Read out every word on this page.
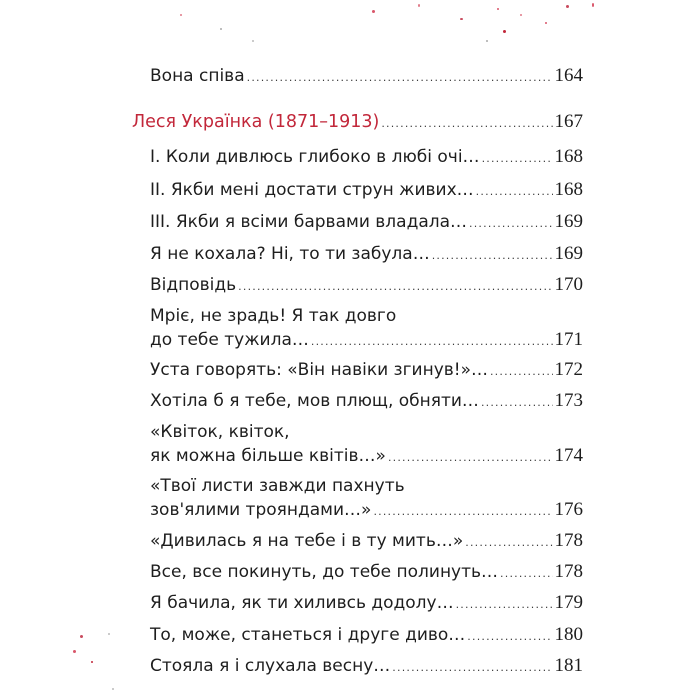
Вона співа .....	164
Леся Українка (1871–1913) .....	167
I. Коли дивлюсь глибоко в любі очі… .....	168
II. Якби мені достати струн живих… .....	168
III. Якби я всіми барвами владала… .....	169
Я не кохала? Ні, то ти забула… .....	169
Відповідь .....	170
Мріє, не зрадь! Я так довго
до тебе тужила… .....	171
Уста говорять: «Він навіки згинув!»… .....	172
Хотіла б я тебе, мов плющ, обняти… .....	173
«Квіток, квіток,
як можна більше квітів…» .....	174
«Твої листи завжди пахнуть
зов'ялими трояндами…» .....	176
«Дивилась я на тебе і в ту мить…» .....	178
Все, все покинуть, до тебе полинуть… .....	178
Я бачила, як ти хиливсь додолу… .....	179
То, може, станеться і друге диво… .....	180
Стояла я і слухала весну… .....	181
